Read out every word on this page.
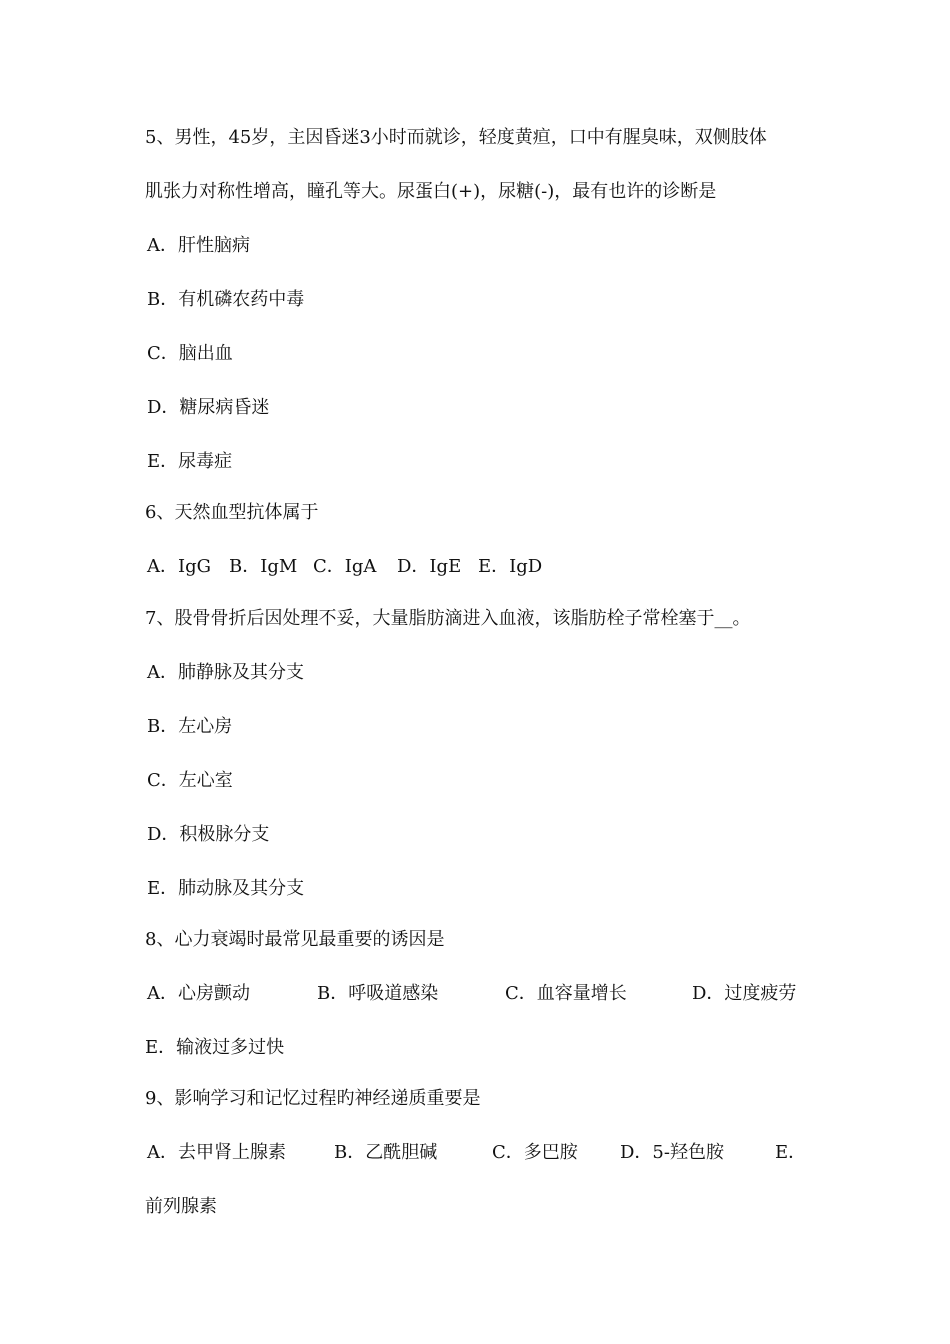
5、男性，45岁，主因昏迷3小时而就诊，轻度黄疸，口中有腥臭味，双侧肢体
肌张力对称性增高，瞳孔等大。尿蛋白(+)，尿糖(-)，最有也许的诊断是
A．肝性脑病
B．有机磷农药中毒
C．脑出血
D．糖尿病昏迷
E．尿毒症
6、天然血型抗体属于
A．IgG B．IgM C．IgA D．IgE E．IgD
7、股骨骨折后因处理不妥，大量脂肪滴进入血液，该脂肪栓子常栓塞于__。
A．肺静脉及其分支
B．左心房
C．左心室
D．积极脉分支
E．肺动脉及其分支
8、心力衰竭时最常见最重要的诱因是
A．心房颤动	B．呼吸道感染	C．血容量增长	D．过度疲劳
E．输液过多过快
9、影响学习和记忆过程旳神经递质重要是
A．去甲肾上腺素	B．乙酰胆碱	C．多巴胺 D．5-羟色胺	E．
前列腺素
